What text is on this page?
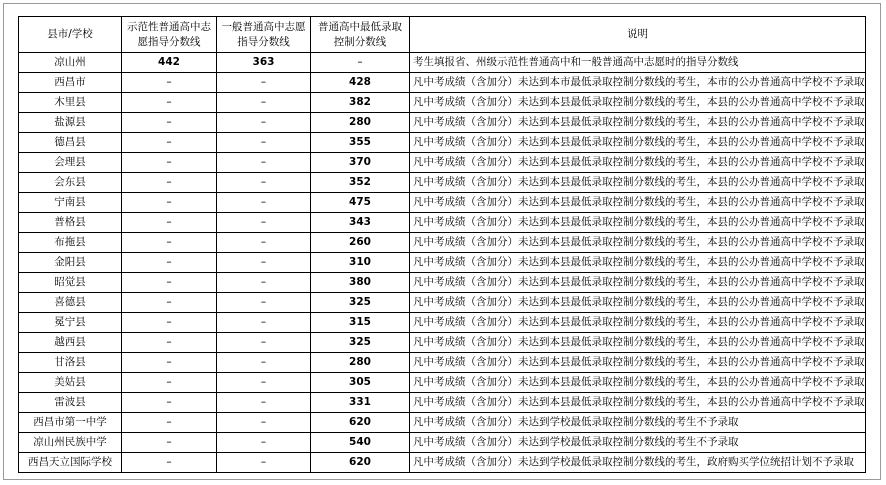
县市/学校	示范性普通高中志愿指导分数线	一般普通高中志愿指导分数线	普通高中最低录取控制分数线	说明
凉山州	442	363	–	考生填报省、州级示范性普通高中和一般普通高中志愿时的指导分数线
西昌市	–	–	428	凡中考成绩（含加分）未达到本市最低录取控制分数线的考生，本市的公办普通高中学校不予录取
木里县	–	–	382	凡中考成绩（含加分）未达到本县最低录取控制分数线的考生，本县的公办普通高中学校不予录取
盐源县	–	–	280	凡中考成绩（含加分）未达到本县最低录取控制分数线的考生，本县的公办普通高中学校不予录取
德昌县	–	–	355	凡中考成绩（含加分）未达到本县最低录取控制分数线的考生，本县的公办普通高中学校不予录取
会理县	–	–	370	凡中考成绩（含加分）未达到本县最低录取控制分数线的考生，本县的公办普通高中学校不予录取
会东县	–	–	352	凡中考成绩（含加分）未达到本县最低录取控制分数线的考生，本县的公办普通高中学校不予录取
宁南县	–	–	475	凡中考成绩（含加分）未达到本县最低录取控制分数线的考生，本县的公办普通高中学校不予录取
普格县	–	–	343	凡中考成绩（含加分）未达到本县最低录取控制分数线的考生，本县的公办普通高中学校不予录取
布拖县	–	–	260	凡中考成绩（含加分）未达到本县最低录取控制分数线的考生，本县的公办普通高中学校不予录取
金阳县	–	–	310	凡中考成绩（含加分）未达到本县最低录取控制分数线的考生，本县的公办普通高中学校不予录取
昭觉县	–	–	380	凡中考成绩（含加分）未达到本县最低录取控制分数线的考生，本县的公办普通高中学校不予录取
喜德县	–	–	325	凡中考成绩（含加分）未达到本县最低录取控制分数线的考生，本县的公办普通高中学校不予录取
冕宁县	–	–	315	凡中考成绩（含加分）未达到本县最低录取控制分数线的考生，本县的公办普通高中学校不予录取
越西县	–	–	325	凡中考成绩（含加分）未达到本县最低录取控制分数线的考生，本县的公办普通高中学校不予录取
甘洛县	–	–	280	凡中考成绩（含加分）未达到本县最低录取控制分数线的考生，本县的公办普通高中学校不予录取
美姑县	–	–	305	凡中考成绩（含加分）未达到本县最低录取控制分数线的考生，本县的公办普通高中学校不予录取
雷波县	–	–	331	凡中考成绩（含加分）未达到本县最低录取控制分数线的考生，本县的公办普通高中学校不予录取
西昌市第一中学	–	–	620	凡中考成绩（含加分）未达到学校最低录取控制分数线的考生不予录取
凉山州民族中学	–	–	540	凡中考成绩（含加分）未达到学校最低录取控制分数线的考生不予录取
西昌天立国际学校	–	–	620	凡中考成绩（含加分）未达到学校最低录取控制分数线的考生，政府购买学位统招计划不予录取
